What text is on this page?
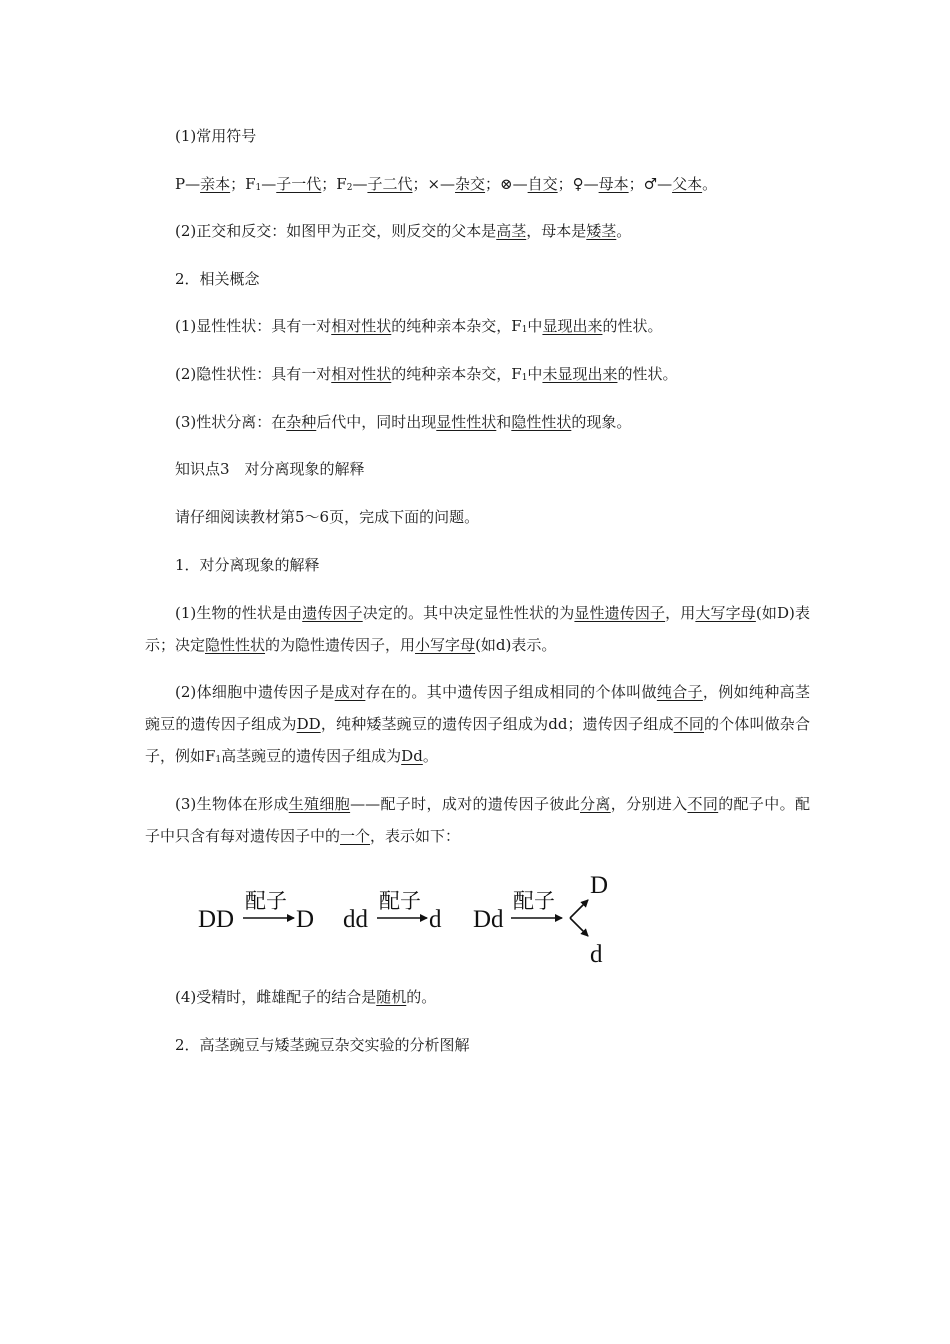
(1)常用符号
P—亲本；$F_1—$子一代；$F_2—$子二代；×—杂交；⊗—自交；♀—母本；♂—父本。
(2)正交和反交：如图甲为正交，则反交的父本是高茎，母本是矮茎。
2．相关概念
(1)显性性状：具有一对相对性状的纯种亲本杂交，$F_1$中显现出来的性状。
(2)隐性状性：具有一对相对性状的纯种亲本杂交，$F_1$中未显现出来的性状。
(3)性状分离：在杂种后代中，同时出现显性性状和隐性性状的现象。
知识点3　对分离现象的解释
请仔细阅读教材第5～6页，完成下面的问题。
1．对分离现象的解释
(1)生物的性状是由遗传因子决定的。其中决定显性性状的为显性遗传因子，用大写字母(如D)表示；决定隐性性状的为隐性遗传因子，用小写字母(如d)表示。
(2)体细胞中遗传因子是成对存在的。其中遗传因子组成相同的个体叫做纯合子，例如纯种高茎豌豆的遗传因子组成为DD，纯种矮茎豌豆的遗传因子组成为dd；遗传因子组成不同的个体叫做杂合子，例如$F_1$高茎豌豆的遗传因子组成为Dd。
(3)生物体在形成生殖细胞——配子时，成对的遗传因子彼此分离，分别进入不同的配子中。配子中只含有每对遗传因子中的一个，表示如下：
DD
配子
D dd
配子
d Dd
配子
D
d
(4)受精时，雌雄配子的结合是随机的。
2．高茎豌豆与矮茎豌豆杂交实验的分析图解
